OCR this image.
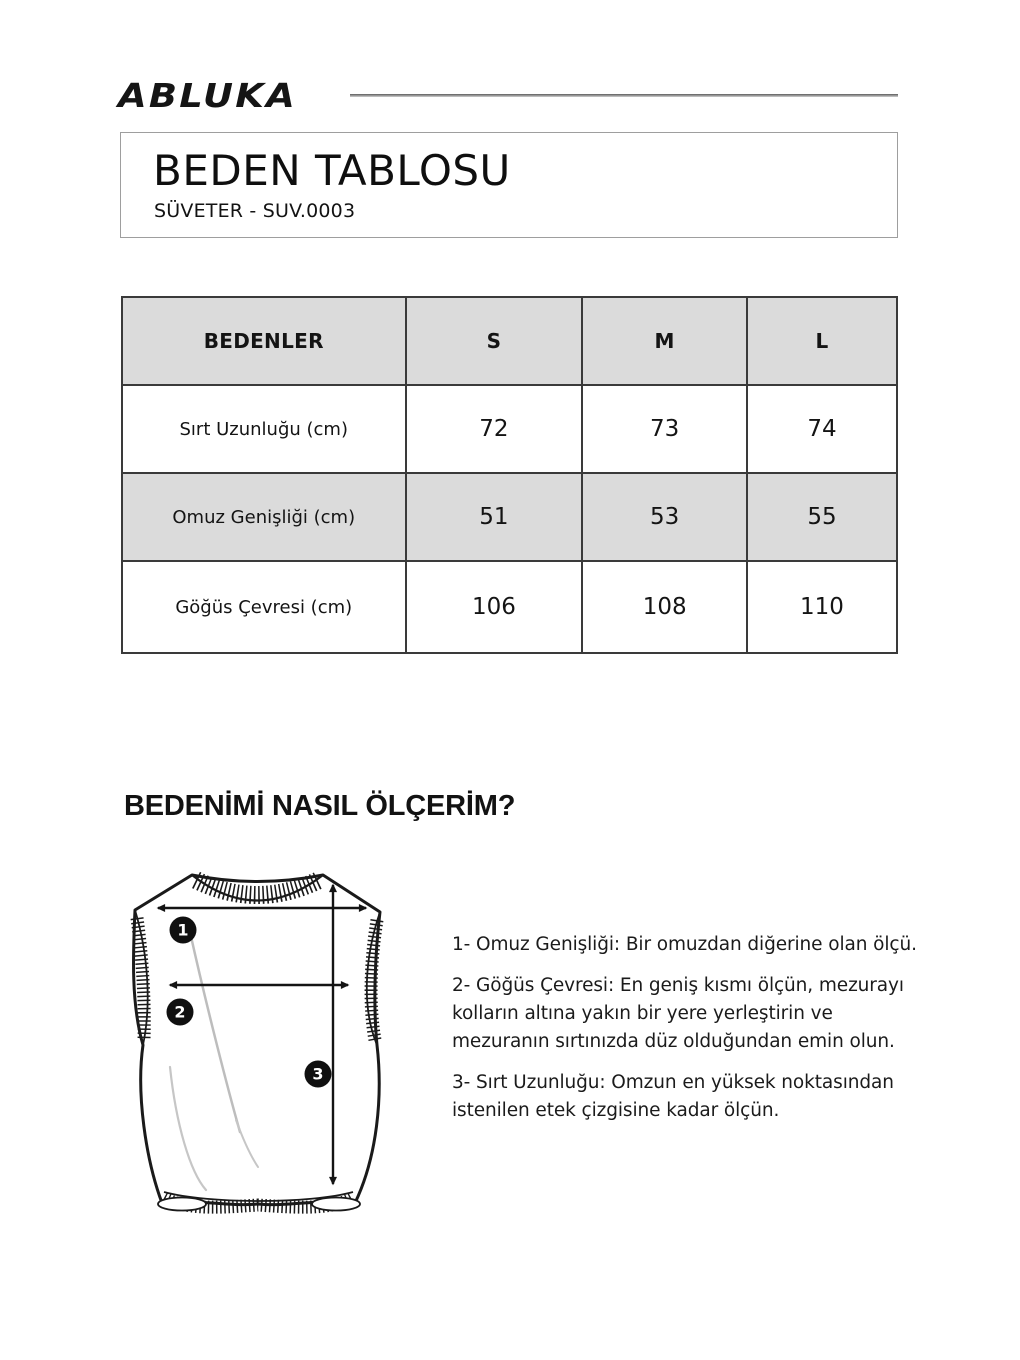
ABLUKA
BEDEN TABLOSU
SÜVETER - SUV.0003
BEDENLER	S	M	L
Sırt Uzunluğu (cm)	72	73	74
Omuz Genişliği (cm)	51	53	55
Göğüs Çevresi (cm)	106	108	110
BEDENİMİ NASIL ÖLÇERİM?
1
2
3

1- Omuz Genişliği: Bir omuzdan diğerine olan ölçü.

2- Göğüs Çevresi: En geniş kısmı ölçün, mezurayı kolların altına yakın bir yere yerleştirin ve mezuranın sırtınızda düz olduğundan emin olun.

3- Sırt Uzunluğu: Omzun en yüksek noktasından istenilen etek çizgisine kadar ölçün.
